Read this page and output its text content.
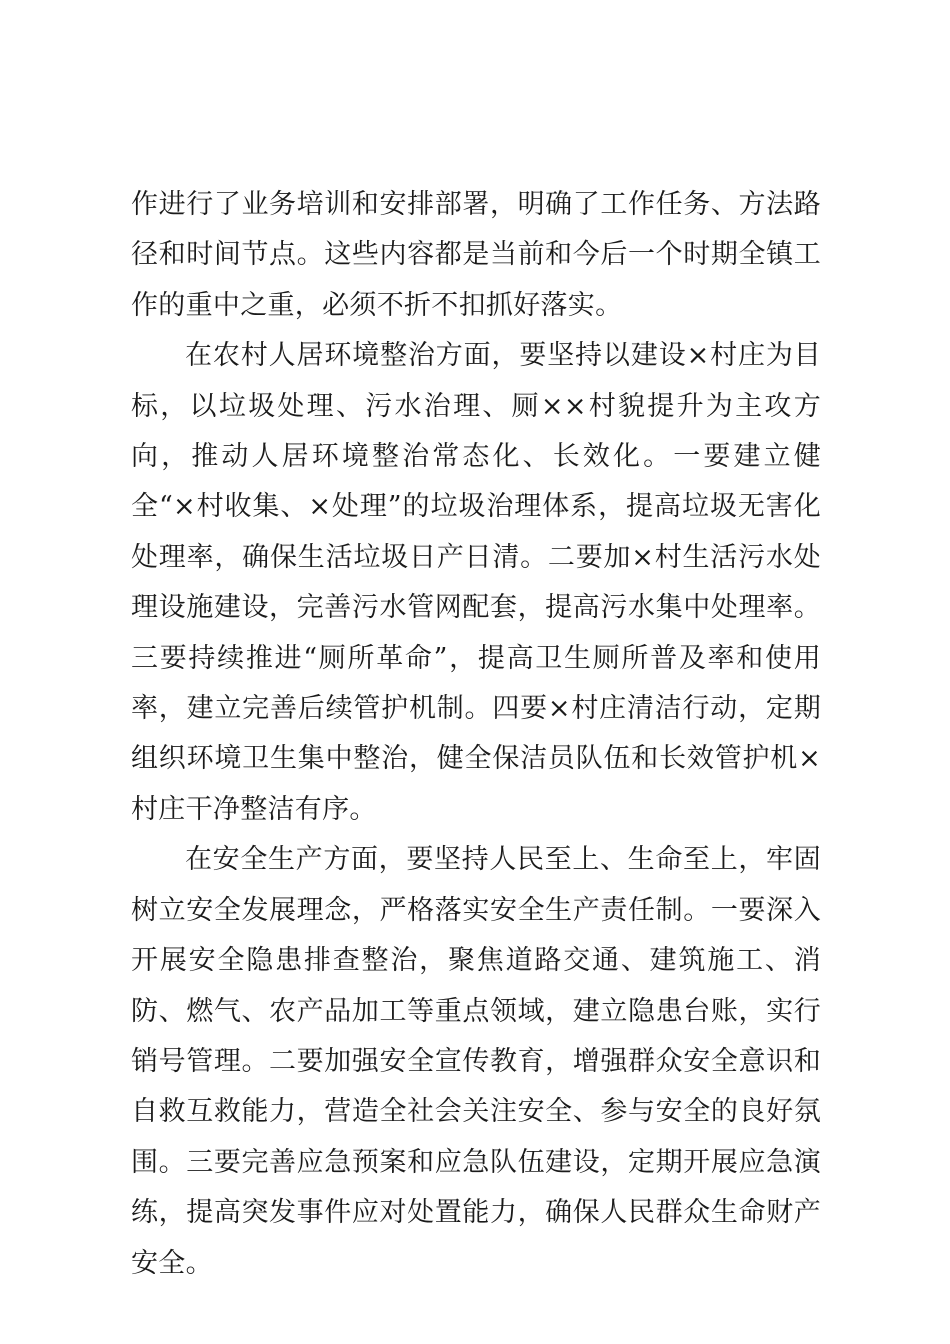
作进行了业务培训和安排部署，明确了工作任务、方法路径和时间节点。这些内容都是当前和今后一个时期全镇工作的重中之重，必须不折不扣抓好落实。

在农村人居环境整治方面，要坚持以建设×村庄为目标，以垃圾处理、污水治理、厕××村貌提升为主攻方向，推动人居环境整治常态化、长效化。一要建立健全“×村收集、×处理”的垃圾治理体系，提高垃圾无害化处理率，确保生活垃圾日产日清。二要加×村生活污水处理设施建设，完善污水管网配套，提高污水集中处理率。三要持续推进“厕所革命”，提高卫生厕所普及率和使用率，建立完善后续管护机制。四要×村庄清洁行动，定期组织环境卫生集中整治，健全保洁员队伍和长效管护机×村庄干净整洁有序。

在安全生产方面，要坚持人民至上、生命至上，牢固树立安全发展理念，严格落实安全生产责任制。一要深入开展安全隐患排查整治，聚焦道路交通、建筑施工、消防、燃气、农产品加工等重点领域，建立隐患台账，实行销号管理。二要加强安全宣传教育，增强群众安全意识和自救互救能力，营造全社会关注安全、参与安全的良好氛围。三要完善应急预案和应急队伍建设，定期开展应急演练，提高突发事件应对处置能力，确保人民群众生命财产安全。
